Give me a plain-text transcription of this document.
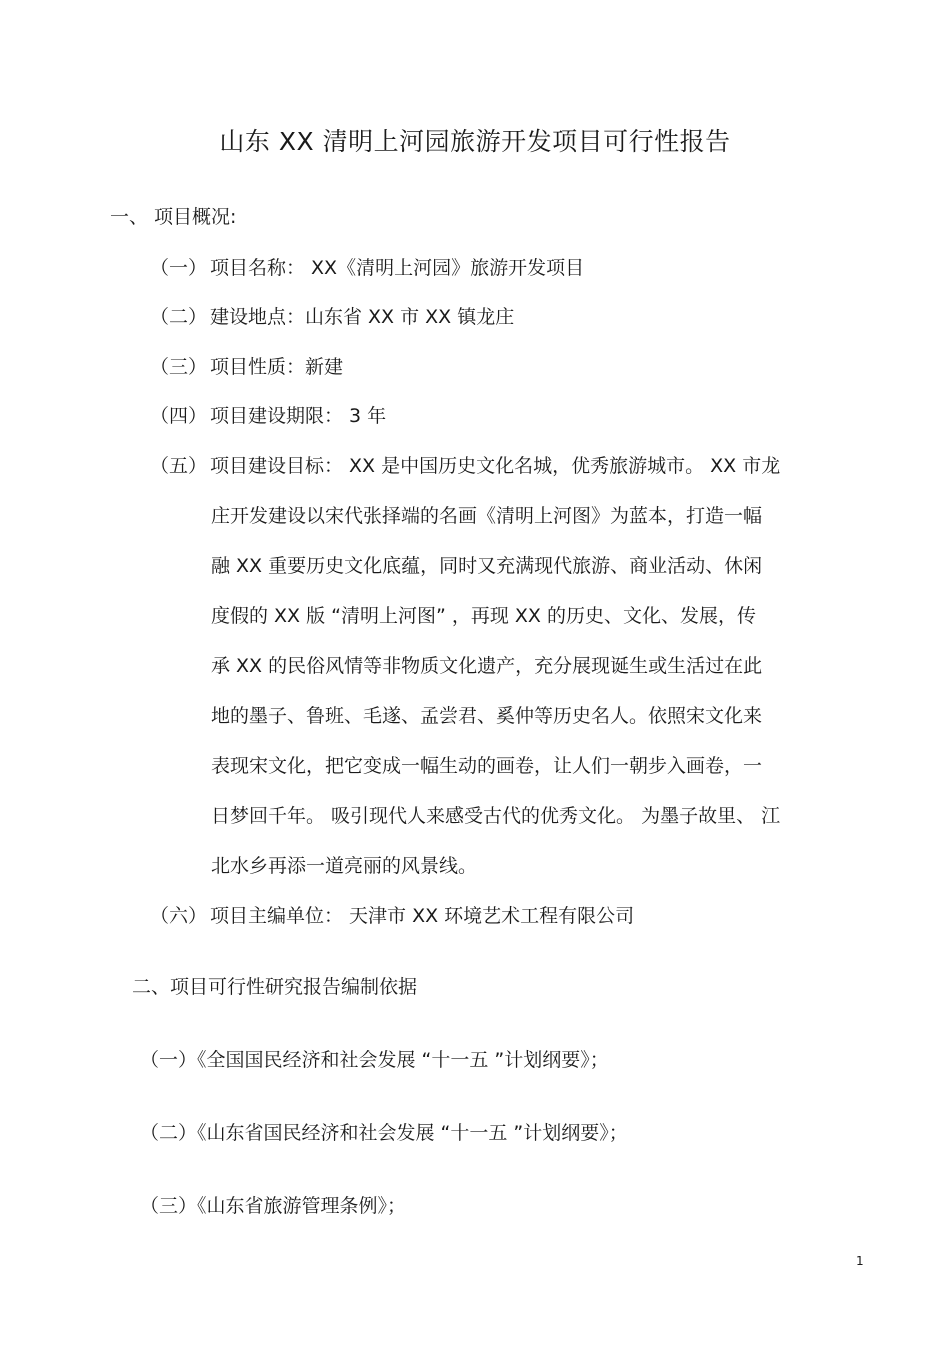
山东 XX 清明上河园旅游开发项目可行性报告
一、 项目概况:
（一） 项目名称： XX《清明上河园》旅游开发项目
（二） 建设地点：山东省 XX 市 XX 镇龙庄
（三） 项目性质：新建
（四） 项目建设期限： 3 年
（五） 项目建设目标： XX 是中国历史文化名城，优秀旅游城市。 XX 市龙
庄开发建设以宋代张择端的名画《清明上河图》为蓝本，打造一幅
融 XX 重要历史文化底蕴，同时又充满现代旅游、商业活动、休闲
度假的 XX 版 “清明上河图” ，再现 XX 的历史、文化、发展，传
承 XX 的民俗风情等非物质文化遗产，充分展现诞生或生活过在此
地的墨子、鲁班、毛遂、孟尝君、奚仲等历史名人。依照宋文化来
表现宋文化，把它变成一幅生动的画卷，让人们一朝步入画卷，一
日梦回千年。 吸引现代人来感受古代的优秀文化。 为墨子故里、 江
北水乡再添一道亮丽的风景线。
（六） 项目主编单位： 天津市 XX 环境艺术工程有限公司
二、项目可行性研究报告编制依据
（一）《全国国民经济和社会发展 “十一五 ”计划纲要》；
（二）《山东省国民经济和社会发展 “十一五 ”计划纲要》；
（三）《山东省旅游管理条例》；
1
